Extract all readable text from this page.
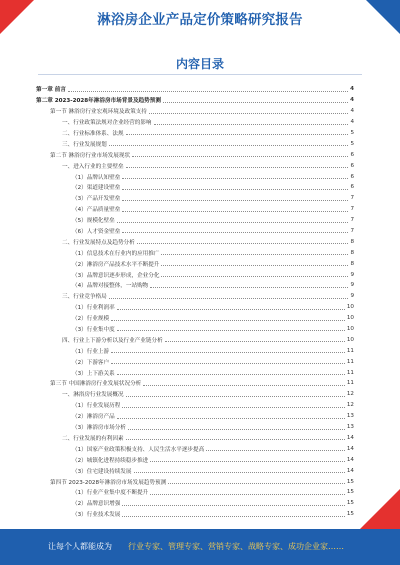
淋浴房企业产品定价策略研究报告
内容目录
第一章 前言	4
第二章 2023-2028年淋浴房市场背景及趋势预测	4
第一节 淋浴房行业宏观环境及政策支持	4
一、行业政策法规对企业经营的影响	4
二、行业标准体系、法规	5
三、行业发展规划	5
第二节 淋浴房行业市场发展现状	6
一、进入行业的主要壁垒	6
（1）品牌认知壁垒	6
（2）渠道建设壁垒	6
（3）产品开发壁垒	7
（4）产品质量壁垒	7
（5）规模化壁垒	7
（6）人才资金壁垒	7
二、行业发展特点及趋势分析	8
（1）信息技术在行业内的应用推广	8
（2）淋浴房产品技术水平不断提升	8
（3）品牌意识逐步形成，企业分化	9
（4）品牌对接整体，一站购物	9
三、行业竞争格局	9
（1）行业利润率	10
（2）行业规模	10
（3）行业集中度	10
四、行业上下游分析以及行业产业链分析	10
（1）行业上游	11
（2）下游客户	11
（3）上下游关系	11
第三节 中国淋浴房行业发展状况分析	11
一、淋浴房行业发展概况	12
（1）行业发展历程	12
（2）淋浴房产品	13
（3）淋浴房市场分析	13
二、行业发展的有利因素	14
（1）国家产业政策积极支持、人民生活水平逐步提高	14
（2）城镇化进程持续稳步推进	14
（3）住宅建设持续发展	14
第四节 2023-2028年淋浴房市场发展趋势预测	15
（1）行业产业集中度不断提升	15
（2）品牌意识增强	15
（3）行业技术发展	15
让每个人都能成为 行业专家、管理专家、营销专家、战略专家、成功企业家……
